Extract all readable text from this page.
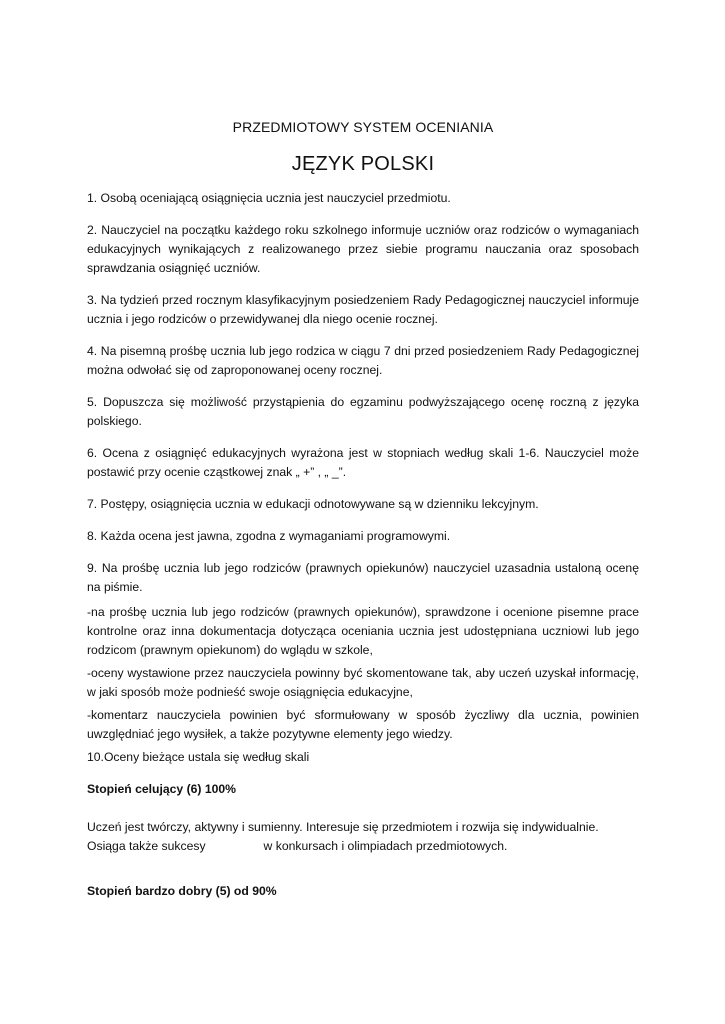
PRZEDMIOTOWY SYSTEM OCENIANIA
JĘZYK POLSKI

1. Osobą oceniającą osiągnięcia ucznia jest nauczyciel przedmiotu.

2. Nauczyciel na początku każdego roku szkolnego informuje uczniów oraz rodziców o wymaganiach edukacyjnych wynikających z realizowanego przez siebie programu nauczania oraz sposobach sprawdzania osiągnięć uczniów.

3. Na tydzień przed rocznym klasyfikacyjnym posiedzeniem Rady Pedagogicznej nauczyciel informuje ucznia i jego rodziców o przewidywanej dla niego ocenie rocznej.

4. Na pisemną prośbę ucznia lub jego rodzica w ciągu 7 dni przed posiedzeniem Rady Pedagogicznej można odwołać się od zaproponowanej oceny rocznej.

5. Dopuszcza się możliwość przystąpienia do egzaminu podwyższającego ocenę roczną z języka polskiego.

6. Ocena z osiągnięć edukacyjnych wyrażona jest w stopniach według skali 1-6. Nauczyciel może postawić przy ocenie cząstkowej znak „ +” , „ _”.

7. Postępy, osiągnięcia ucznia w edukacji odnotowywane są w dzienniku lekcyjnym.

8. Każda ocena jest jawna, zgodna z wymaganiami programowymi.

9. Na prośbę ucznia lub jego rodziców (prawnych opiekunów) nauczyciel uzasadnia ustaloną ocenę na piśmie.

-na prośbę ucznia lub jego rodziców (prawnych opiekunów), sprawdzone i ocenione pisemne prace kontrolne oraz inna dokumentacja dotycząca oceniania ucznia jest udostępniana uczniowi lub jego rodzicom (prawnym opiekunom) do wglądu w szkole,

-oceny wystawione przez nauczyciela powinny być skomentowane tak, aby uczeń uzyskał informację, w jaki sposób może podnieść swoje osiągnięcia edukacyjne,

-komentarz nauczyciela powinien być sformułowany w sposób życzliwy dla ucznia, powinien uwzględniać jego wysiłek, a także pozytywne elementy jego wiedzy.

10.Oceny bieżące ustala się według skali

Stopień celujący (6) 100%
Uczeń jest twórczy, aktywny i sumienny. Interesuje się przedmiotem i rozwija się indywidualnie.
Osiąga także sukcesy	w konkursach i olimpiadach przedmiotowych.
Stopień bardzo dobry (5) od 90%
